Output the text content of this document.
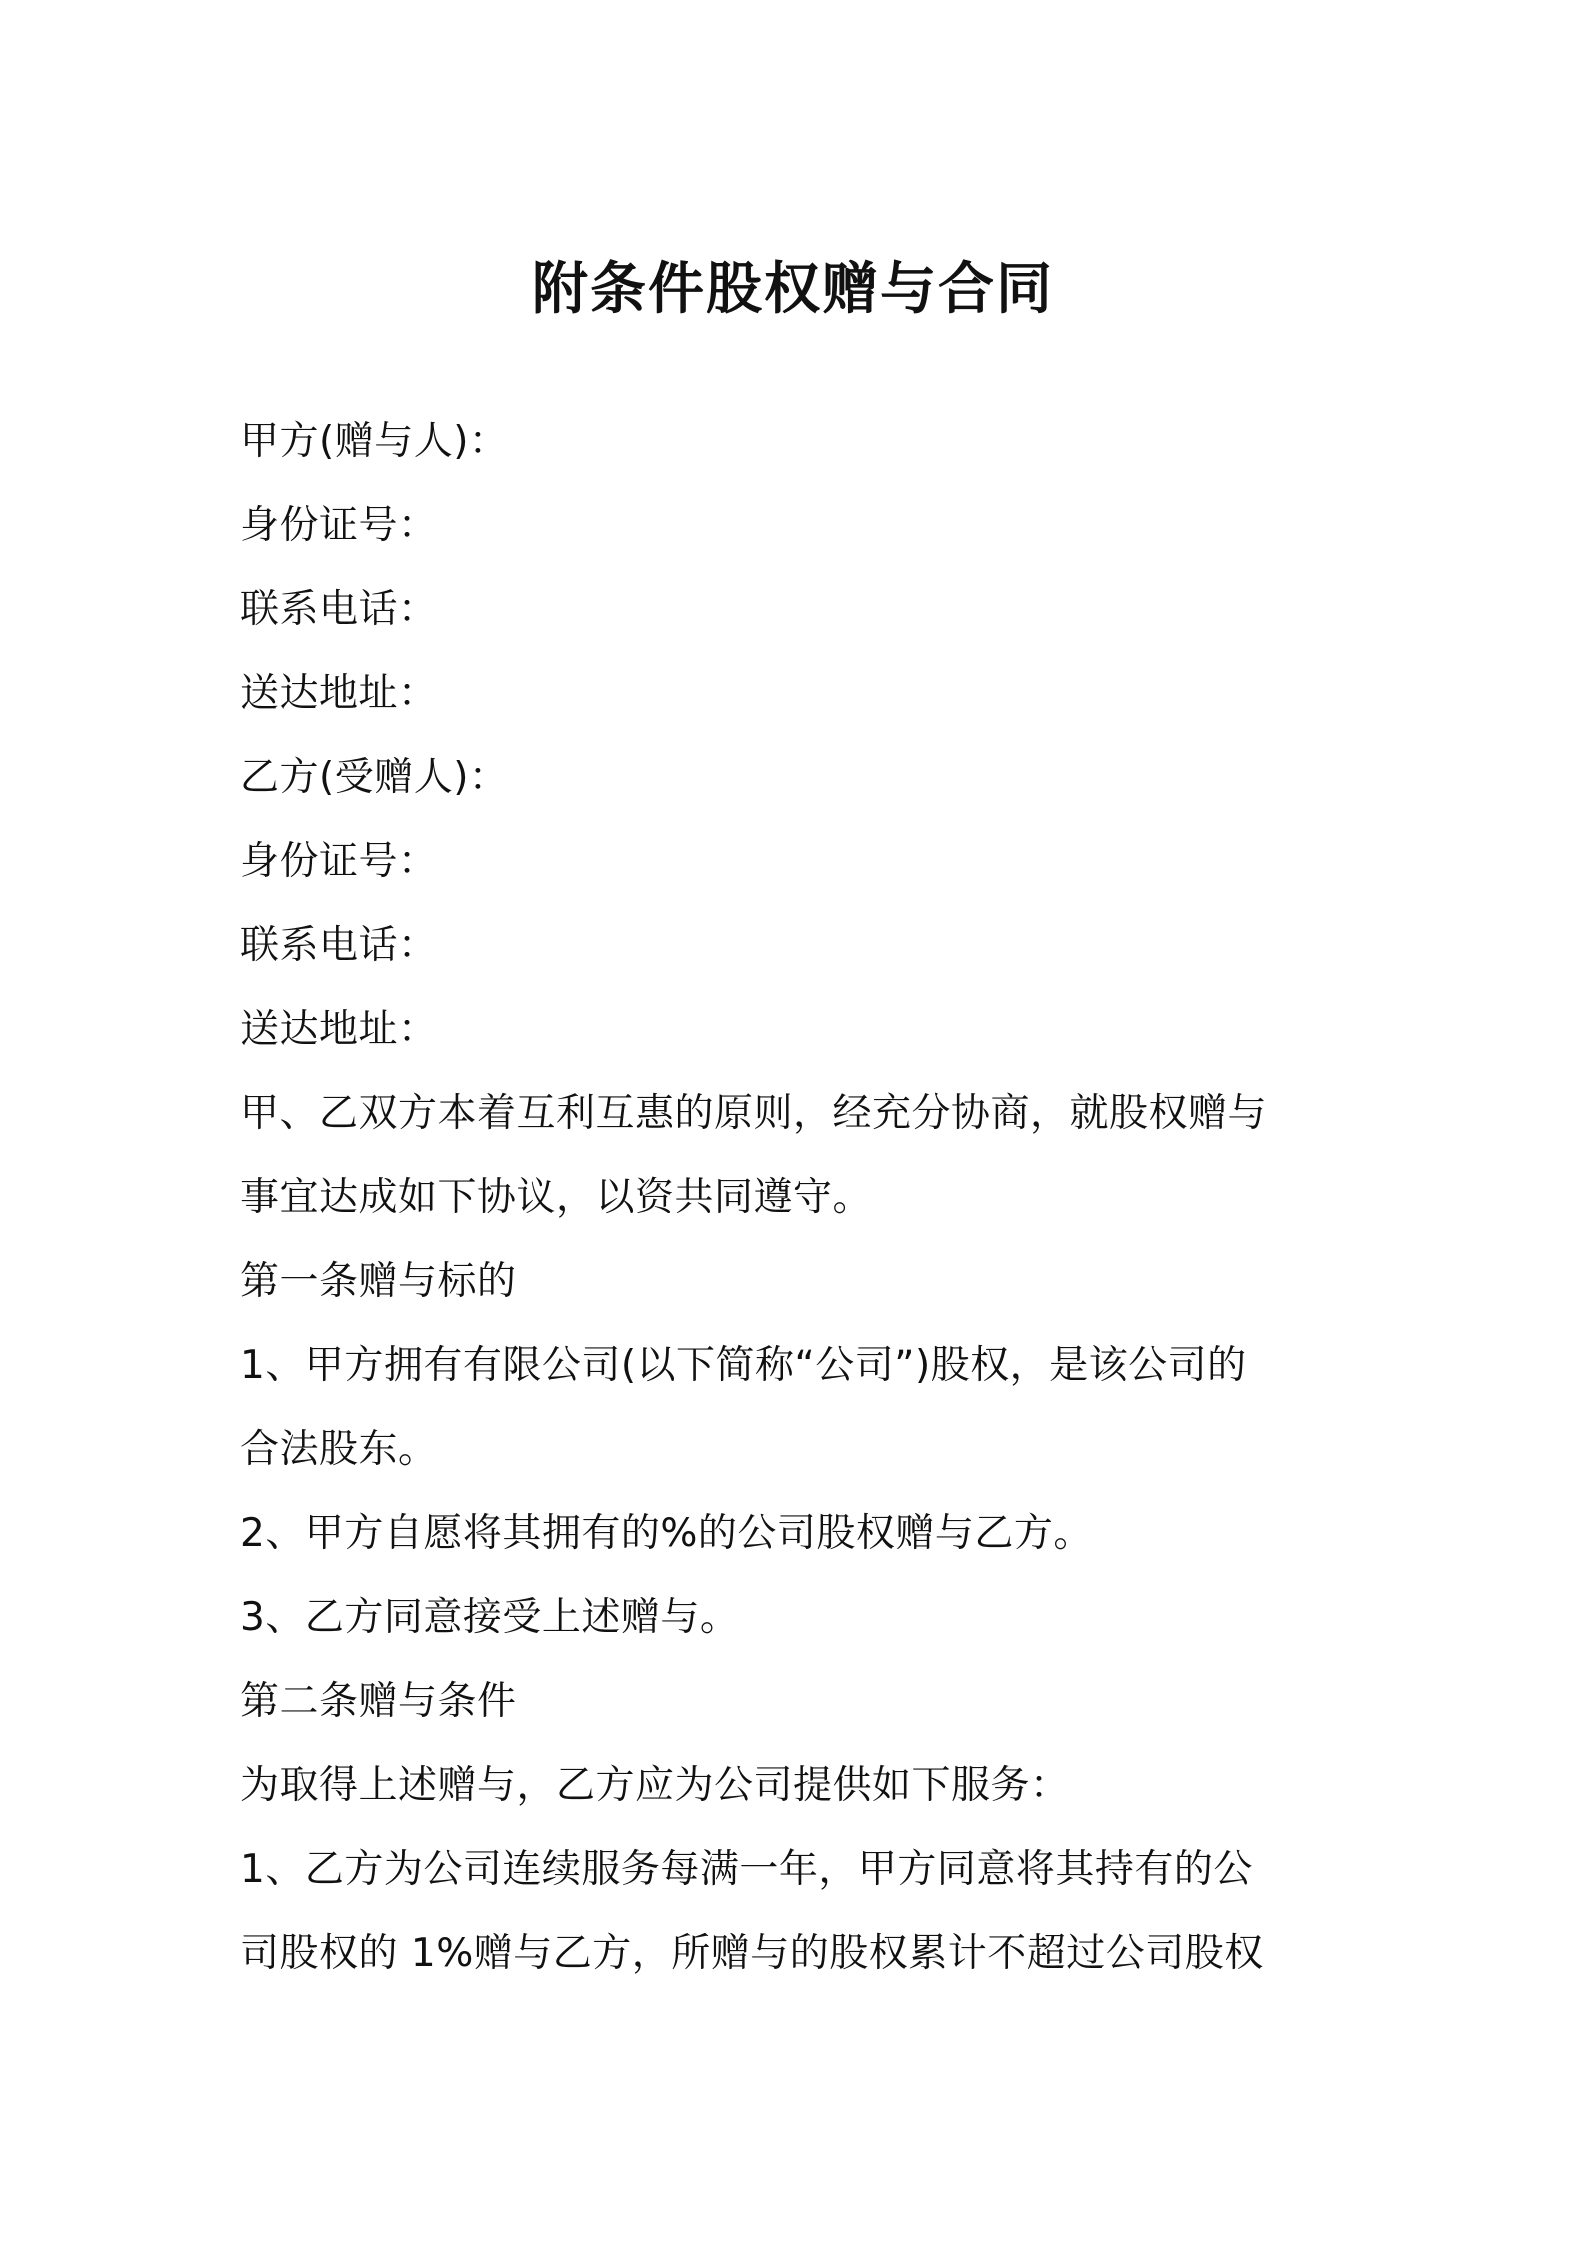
附条件股权赠与合同
甲方(赠与人)：
身份证号：
联系电话：
送达地址：
乙方(受赠人)：
身份证号：
联系电话：
送达地址：
甲、乙双方本着互利互惠的原则，经充分协商，就股权赠与
事宜达成如下协议，以资共同遵守。
第一条赠与标的
1、甲方拥有有限公司(以下简称“公司”)股权，是该公司的
合法股东。
2、甲方自愿将其拥有的%的公司股权赠与乙方。
3、乙方同意接受上述赠与。
第二条赠与条件
为取得上述赠与，乙方应为公司提供如下服务：
1、乙方为公司连续服务每满一年，甲方同意将其持有的公
司股权的 1%赠与乙方，所赠与的股权累计不超过公司股权
